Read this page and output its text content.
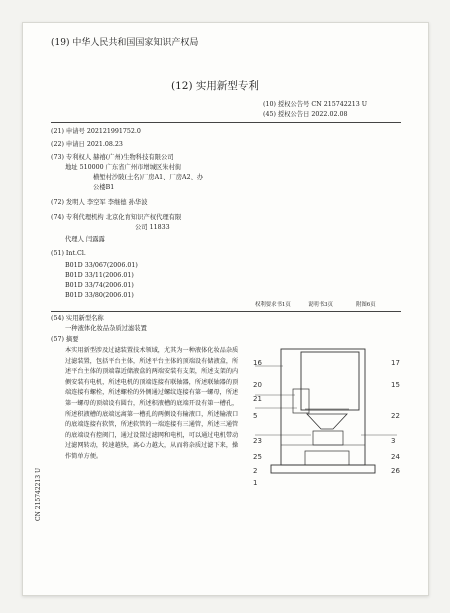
(19) 中华人民共和国国家知识产权局
(12) 实用新型专利
(10) 授权公告号 CN 215742213 U
(45) 授权公告日 2022.02.08
(21) 申请号 202121991752.0
(22) 申请日 2021.08.23
(73) 专利权人 赫禧(广州)生物科技有限公司
地址 510000 广东省广州市增城区朱村街
横堑村沙陂(土名)厂房A1、厂房A2、办
公楼B1
(72) 发明人 李空军 李继德 孙华波
(74) 专利代理机构 北京化育知识产权代理有限
公司 11833
代理人 闫露露
(51) Int.Cl.
B01D 33/067(2006.01)
B01D 33/11(2006.01)
B01D 33/74(2006.01)
B01D 33/80(2006.01)
权利要求书1页	说明书3页	附图6页
(54) 实用新型名称
一种液体化妆品杂质过滤装置
(57) 摘要
本实用新型涉及过滤装置技术领域，尤其为一种液体化妆品杂质过滤装置，包括平台主体，所述平台主体的顶端设有储液盒，所述平台主体的顶端靠近储液盒的两端安装有支架，所述支架的内侧安装有电机，所述电机的顶端连接有联轴器，所述联轴器的顶端连接有螺栓，所述螺栓的外侧通过螺纹连接有第一螺母，所述第一螺母的顶端设有圆台，所述积液槽的底端开设有第一槽孔，所述积液槽的底端远离第一槽孔的两侧设有输液口，所述输液口的底端连接有软管，所述软管的一端连接有三通管，所述三通管的底端设有控阀门，通过设置过滤网和电机，可以通过电机带动过滤网转动，转速越快，离心力越大，从而将杂质过滤下来，操作简单方便。
CN 215742213 U
16	17
20	15
21
5	22
23	3
25	24
2	26
1
